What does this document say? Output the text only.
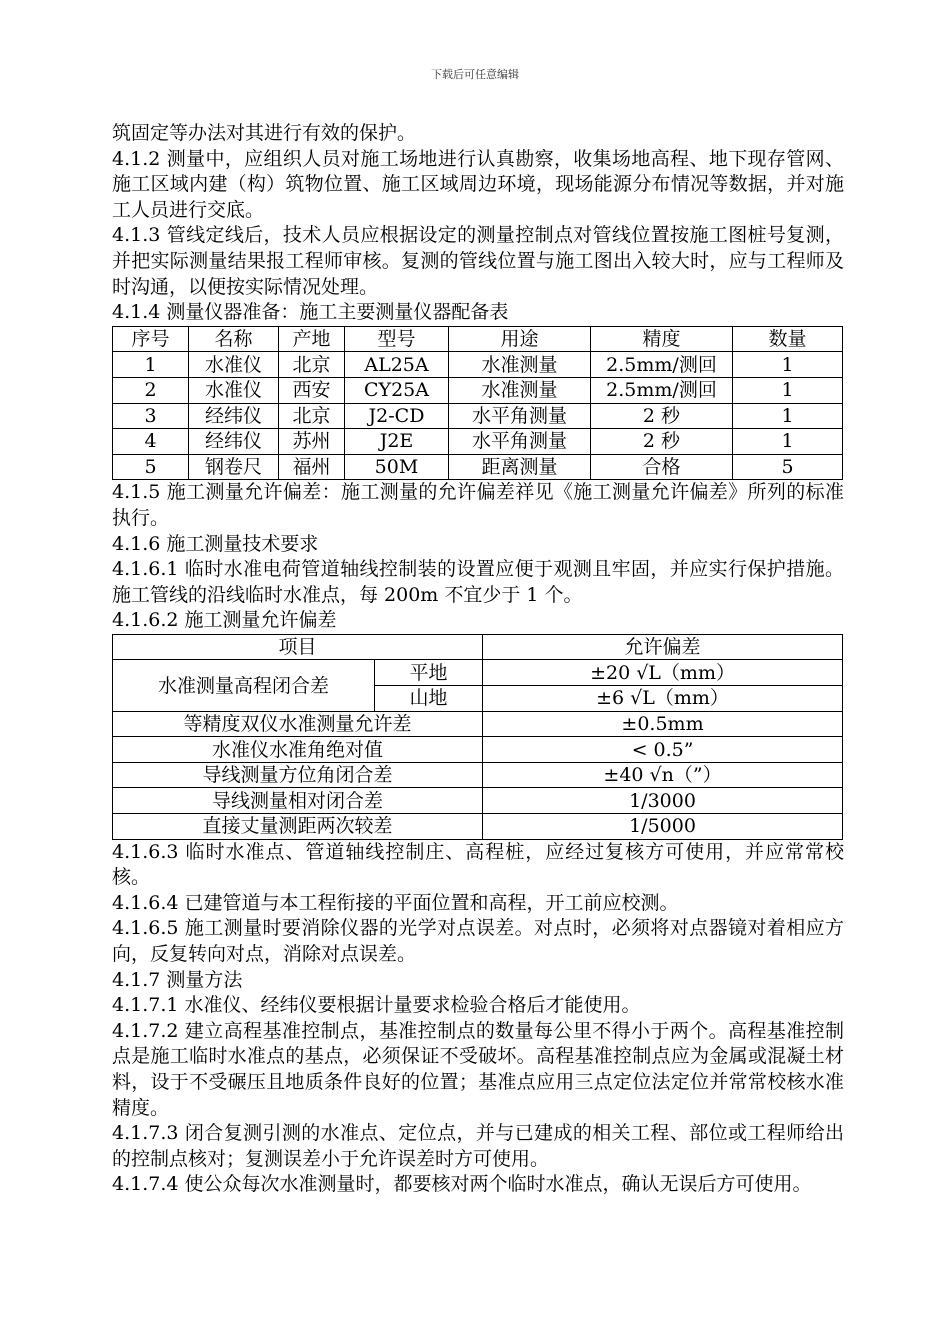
下载后可任意编辑

筑固定等办法对其进行有效的保护。

4.1.2 测量中，应组织人员对施工场地进行认真勘察，收集场地高程、地下现存管网、施工区域内建（构）筑物位置、施工区域周边环境，现场能源分布情况等数据，并对施工人员进行交底。

4.1.3 管线定线后，技术人员应根据设定的测量控制点对管线位置按施工图桩号复测，并把实际测量结果报工程师审核。复测的管线位置与施工图出入较大时，应与工程师及时沟通，以便按实际情况处理。

4.1.4 测量仪器准备：施工主要测量仪器配备表

序号	名称	产地	型号	用途	精度	数量
1	水准仪	北京	AL25A	水准测量	2.5mm/测回	1
2	水准仪	西安	CY25A	水准测量	2.5mm/测回	1
3	经纬仪	北京	J2-CD	水平角测量	2 秒	1
4	经纬仪	苏州	J2E	水平角测量	2 秒	1
5	钢卷尺	福州	50M	距离测量	合格	5

4.1.5 施工测量允许偏差：施工测量的允许偏差祥见《施工测量允许偏差》所列的标准执行。

4.1.6 施工测量技术要求

4.1.6.1 临时水准电荷管道轴线控制装的设置应便于观测且牢固，并应实行保护措施。施工管线的沿线临时水准点，每 200m 不宜少于 1 个。

4.1.6.2 施工测量允许偏差

项目		允许偏差
水准测量高程闭合差	平地	±20 √L（mm）
	山地	±6 √L（mm）
等精度双仪水准测量允许差		±0.5mm
水准仪水准角绝对值		< 0.5”
导线测量方位角闭合差		±40 √n（”）
导线测量相对闭合差		1/3000
直接丈量测距两次较差		1/5000

4.1.6.3 临时水准点、管道轴线控制庄、高程桩，应经过复核方可使用，并应常常校核。

4.1.6.4 已建管道与本工程衔接的平面位置和高程，开工前应校测。

4.1.6.5 施工测量时要消除仪器的光学对点误差。对点时，必须将对点器镜对着相应方向，反复转向对点，消除对点误差。

4.1.7 测量方法

4.1.7.1 水准仪、经纬仪要根据计量要求检验合格后才能使用。

4.1.7.2 建立高程基准控制点，基准控制点的数量每公里不得小于两个。高程基准控制点是施工临时水准点的基点，必须保证不受破坏。高程基准控制点应为金属或混凝土材料，设于不受碾压且地质条件良好的位置；基准点应用三点定位法定位并常常校核水准精度。

4.1.7.3 闭合复测引测的水准点、定位点，并与已建成的相关工程、部位或工程师给出的控制点核对；复测误差小于允许误差时方可使用。

4.1.7.4 使公众每次水准测量时，都要核对两个临时水准点，确认无误后方可使用。
